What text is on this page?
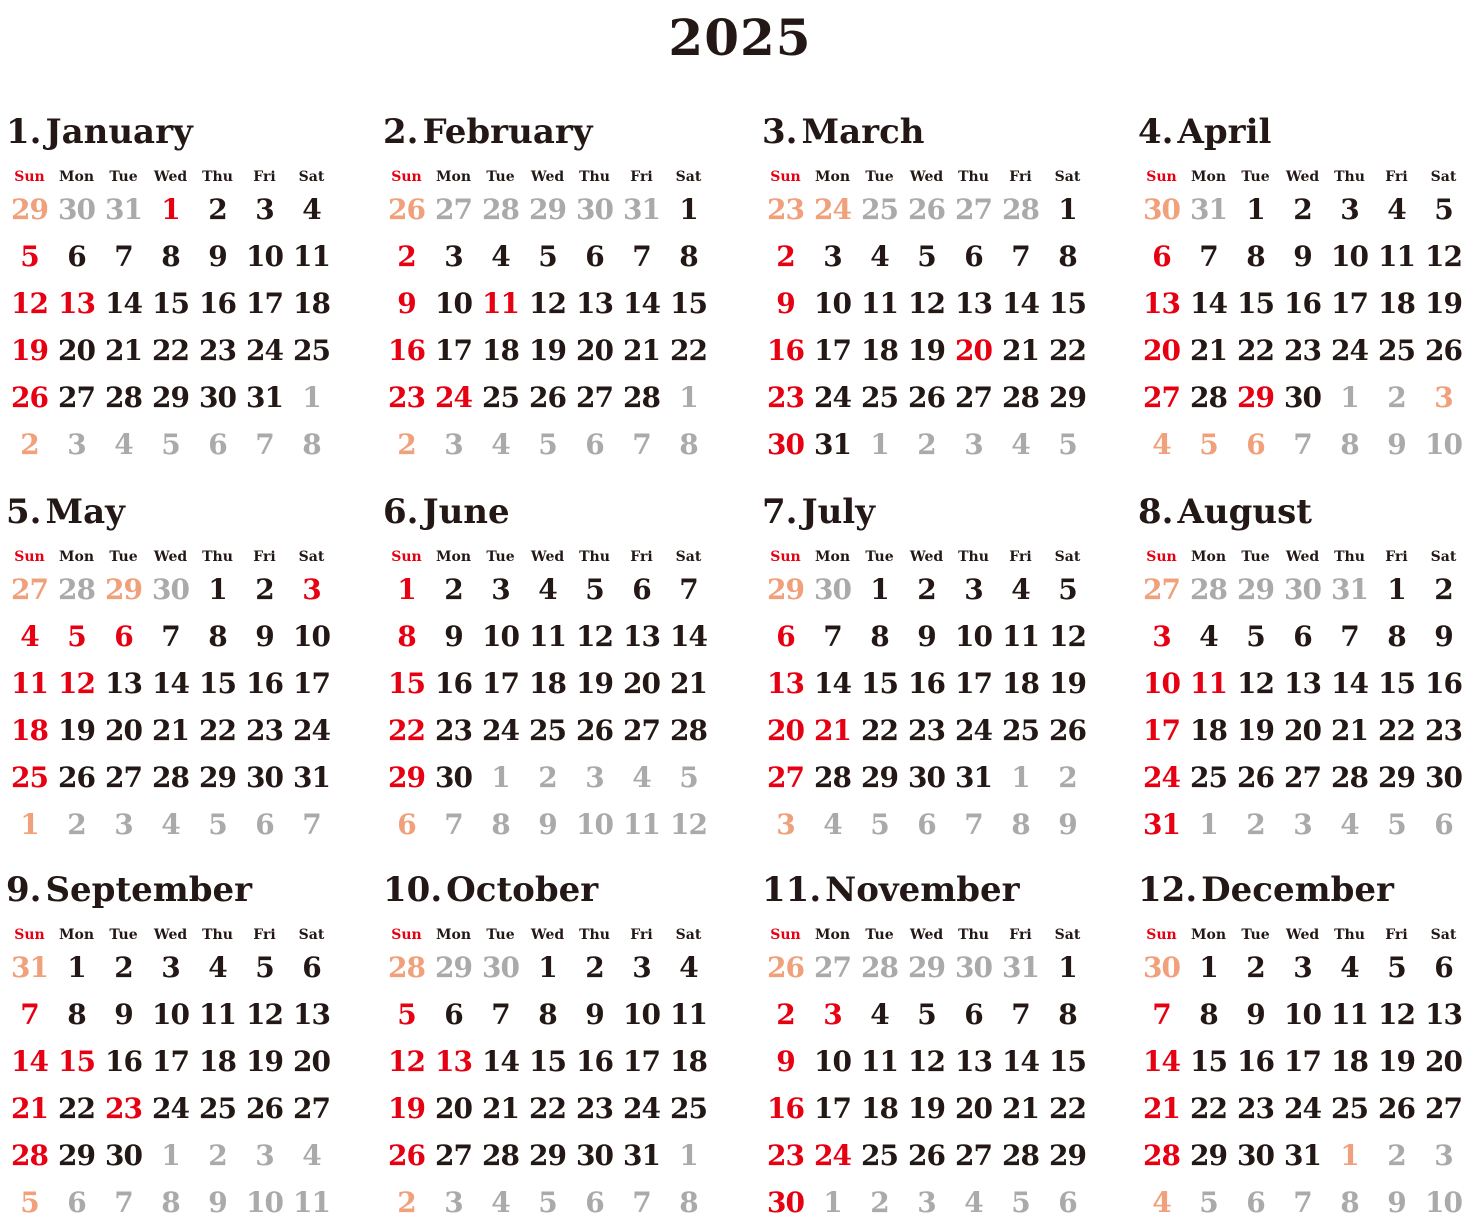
2025
1. January
Sun	Mon	Tue	Wed	Thu	Fri	Sat
29 30 31 1	2	3	4
5	6	7	8	9 10 11
12 13 14 15 16 17 18
19 20 21 22 23 24 25
26 27 28 29 30 31 1
2	3	4	5	6	7	8
2. February
Sun	Mon	Tue	Wed	Thu	Fri	Sat
26 27 28 29 30 31 1
2	3	4	5	6	7	8
9 10 11 12 13 14 15
16 17 18 19 20 21 22
23 24 25 26 27 28 1
2	3	4	5	6	7	8
3. March
Sun	Mon	Tue	Wed	Thu	Fri	Sat
23 24 25 26 27 28 1
2	3	4	5	6	7	8
9 10 11 12 13 14 15
16 17 18 19 20 21 22
23 24 25 26 27 28 29
30 31 1	2	3	4	5
4. April
Sun	Mon	Tue	Wed	Thu	Fri	Sat
30 31 1	2	3	4	5
6	7	8	9 10 11 12
13 14 15 16 17 18 19
20 21 22 23 24 25 26
27 28 29 30 1	2	3
4	5	6	7	8	9 10
5. May
Sun	Mon	Tue	Wed	Thu	Fri	Sat
27 28 29 30 1	2	3
4	5	6	7	8	9 10
11 12 13 14 15 16 17
18 19 20 21 22 23 24
25 26 27 28 29 30 31
1	2	3	4	5	6	7
6. June
Sun	Mon	Tue	Wed	Thu	Fri	Sat
1	2	3	4	5	6	7
8	9 10 11 12 13 14
15 16 17 18 19 20 21
22 23 24 25 26 27 28
29 30 1	2	3	4	5
6	7	8	9 10 11 12
7. July
Sun	Mon	Tue	Wed	Thu	Fri	Sat
29 30 1	2	3	4	5
6	7	8	9 10 11 12
13 14 15 16 17 18 19
20 21 22 23 24 25 26
27 28 29 30 31 1	2
3	4	5	6	7	8	9
8. August
Sun	Mon	Tue	Wed	Thu	Fri	Sat
27 28 29 30 31 1	2
3	4	5	6	7	8	9
10 11 12 13 14 15 16
17 18 19 20 21 22 23
24 25 26 27 28 29 30
31 1	2	3	4	5	6
9. September
Sun	Mon	Tue	Wed	Thu	Fri	Sat
31 1	2	3	4	5	6
7	8	9 10 11 12 13
14 15 16 17 18 19 20
21 22 23 24 25 26 27
28 29 30 1	2	3	4
5	6	7	8	9 10 11
10. October
Sun	Mon	Tue	Wed	Thu	Fri	Sat
28 29 30 1	2	3	4
5	6	7	8	9 10 11
12 13 14 15 16 17 18
19 20 21 22 23 24 25
26 27 28 29 30 31 1
2	3	4	5	6	7	8
11. November
Sun	Mon	Tue	Wed	Thu	Fri	Sat
26 27 28 29 30 31 1
2	3	4	5	6	7	8
9 10 11 12 13 14 15
16 17 18 19 20 21 22
23 24 25 26 27 28 29
30 1	2	3	4	5	6
12. December
Sun	Mon	Tue	Wed	Thu	Fri	Sat
30 1	2	3	4	5	6
7	8	9 10 11 12 13
14 15 16 17 18 19 20
21 22 23 24 25 26 27
28 29 30 31 1	2	3
4	5	6	7	8	9 10
